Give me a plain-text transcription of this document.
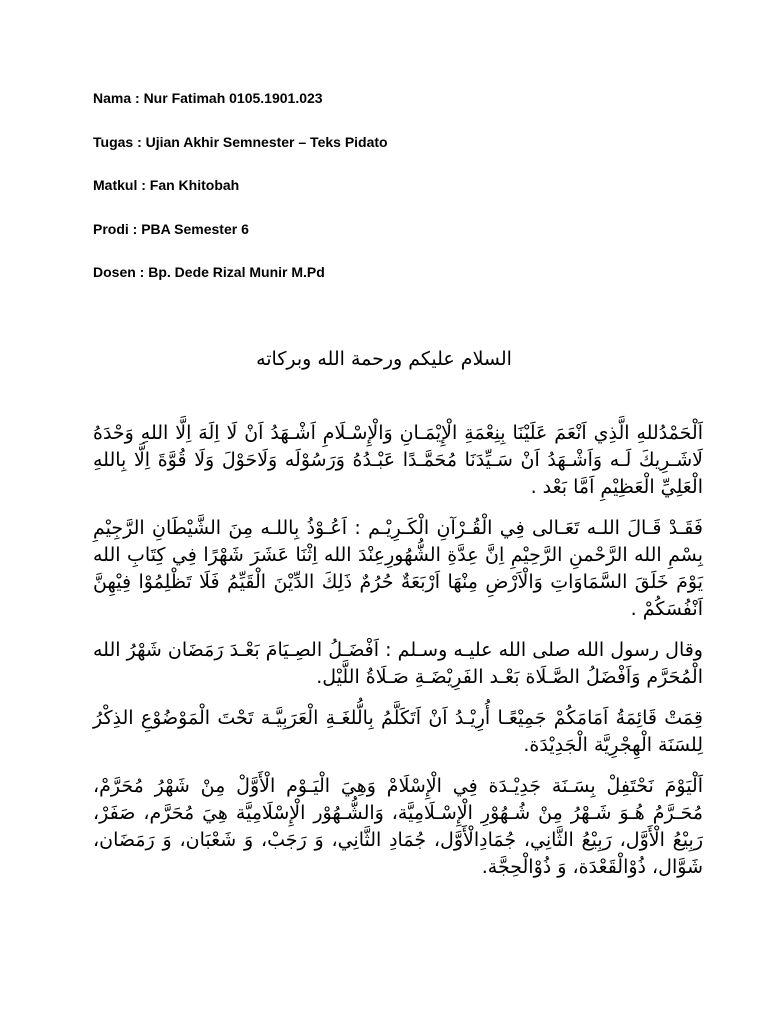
Nama : Nur Fatimah 0105.1901.023
Tugas : Ujian Akhir Semnester – Teks Pidato
Matkul : Fan Khitobah
Prodi : PBA Semester 6
Dosen : Bp. Dede Rizal Munir M.Pd
السلام عليكم ورحمة الله وبركاته

اَلْحَمْدُللهِ الَّذِي اَنْعَمَ عَلَيْنَا بِنِعْمَةِ الْإِيْمَـانِ وَالْإِسْـلَامِ اَشْـهَدُ اَنْ لَا اِلَهَ اِلَّا اللهِ وَحْدَهُ لَاشَـرِيكَ لَـه وَاَشْـهَدُ اَنْ سَـيِّدَنَا مُحَمَّـدًا عَبْـدُهُ وَرَسُوْلَه وَلَاحَوْلَ وَلَا قُوَّةَ اِلَّا بِاللهِ الْعَلِيِّ الْعَظِيْمِ اَمَّا بَعْد .

فَقَـدْ قَـالَ اللـه تَعَـالى فِي الْقُـرْآنِ الْكَـرِيْـم : اَعُـوْذُ بِاللـه مِنَ الشَّيْطَانِ الرَّجِيْمِ بِسْمِ الله الرَّحْمنِ الرَّحِيْمِ اِنَّ عِدَّةِ الشُّهُورِعِنْدَ الله اِثْنَا عَشَرَ شَهْرًا فِي كِتَابِ الله يَوْمَ خَلَقَ السَّمَاوَاتِ وَالْاَرْضِ مِنْهَا اَرْبَعَةٌ حُرُمٌ ذَلِكَ الدِّيْنَ الْقَيِّمُ فَلَا تَظْلِمُوْا فِيْهِنَّ اَنْفُسَكُمْ .

وقال رسول الله صلى الله عليـه وسـلم : اَفْضَـلُ الصِـيَامَ بَعْـدَ رَمَضَان شَهْرُ الله الْمُحَرَّم وَاَفْضَلُ الصَّـلَاة بَعْـد الفَرِيْضَـةِ صَـلَاةُ اللَّيْل.

قِمَتْ قَائِمَةُ اَمَامَكُمْ جَمِيْعًـا أُرِيْـدُ اَنْ اَتَكَلَّمُ بِالُّلغَـةِ الْعَرَبِيَّـة تَحْتَ الْمَوْضُوْعِ الذِكْرُ لِلسَنَة الْهِجْرِيَّة الْجَدِيْدَة.

اَلْيَوْمَ نَحْتَفِلْ بِسَـنَة جَدِيْـدَة فِي الْإِسْلَامْ وَهِيَ الْيَـوْم الْأَوَّلْ مِنْ شَهْرُ مُحَرَّمْ، مُحَـرَّمُ هُـوَ شَـهْرُ مِنْ شُـهُوْرِ الْإِسْـلَامِيَّة، وَالشُّـهُوْر الْإِسْلَامِيَّة هِيَ مُحَرَّم، صَفَرْ، رَبِيْعُ الْأَوَّل، رَبِيْعُ الثَّانِي، جُمَادِالْأَوَّل، جُمَادِ الثَّانِي، وَ رَجَبْ، وَ شَعْبَان، وَ رَمَضَان، شَوَّال، ذُوْالْقَعْدَة، وَ ذُوْالْحِجَّة.
